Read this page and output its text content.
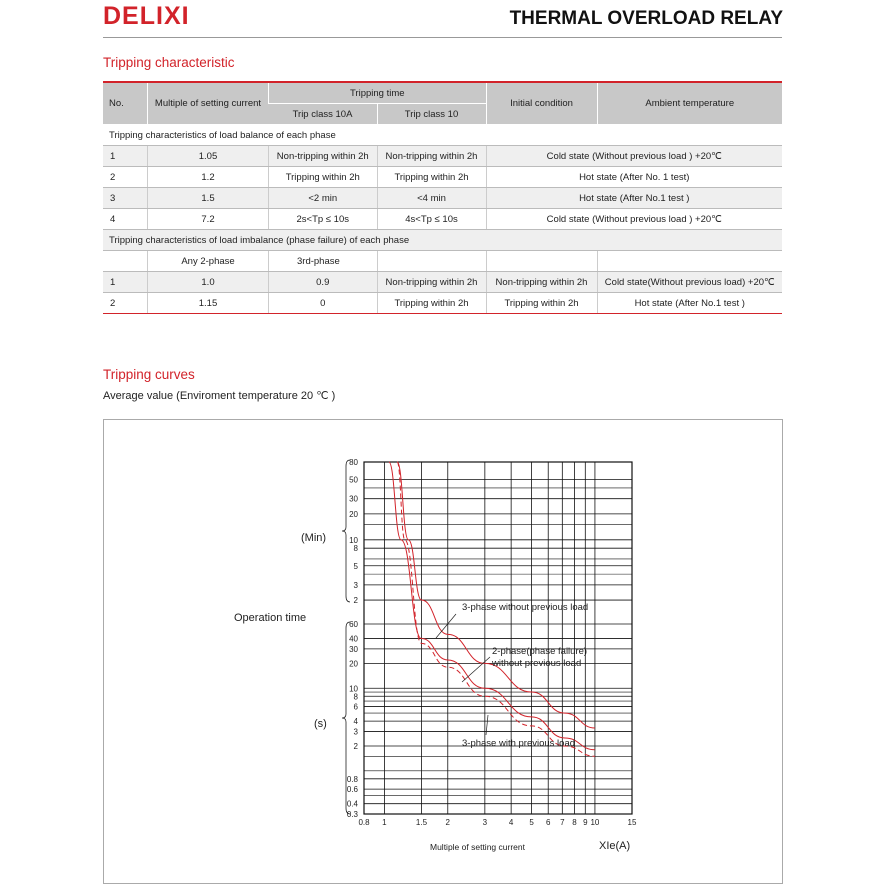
DELIXI	THERMAL OVERLOAD RELAY
Tripping characteristic
No.	Multiple of setting current	Tripping time		Initial condition	Ambient temperature
		Trip class 10A	Trip class 10		
Tripping characteristics of load balance of each phase					
1	1.05	Non-tripping within 2h	Non-tripping within 2h	Cold state (Without previous load ) +20℃	
2	1.2	Tripping within 2h	Tripping within 2h	Hot state (After No. 1 test)	
3	1.5	<2 min	<4 min	Hot state (After No.1 test )	
4	7.2	2s<Tp ≤ 10s	4s<Tp ≤ 10s	Cold state (Without previous load ) +20℃	
Tripping characteristics of load imbalance (phase failure) of each phase					
	Any 2-phase	3rd-phase			
1	1.0	0.9	Non-tripping within 2h	Non-tripping within 2h	Cold state(Without previous load) +20℃
2	1.15	0	Tripping within 2h	Tripping within 2h	Hot state (After No.1 test )
Tripping curves
Average value (Enviroment temperature 20 ℃ )
0.8 1	1.5 2	3	4 5 6 7 8 9 10	15
80
50
30
20
10
8
5
3
2
60
40
30
20
10
8
6
4
3
2
0.8
0.6
0.4
0.3
3-phase without previous load
2-phase(phase failure)
without previous load
3-phase with previous load
Operation time
(Min)
(s)
Multiple of setting current	XIe(A)
